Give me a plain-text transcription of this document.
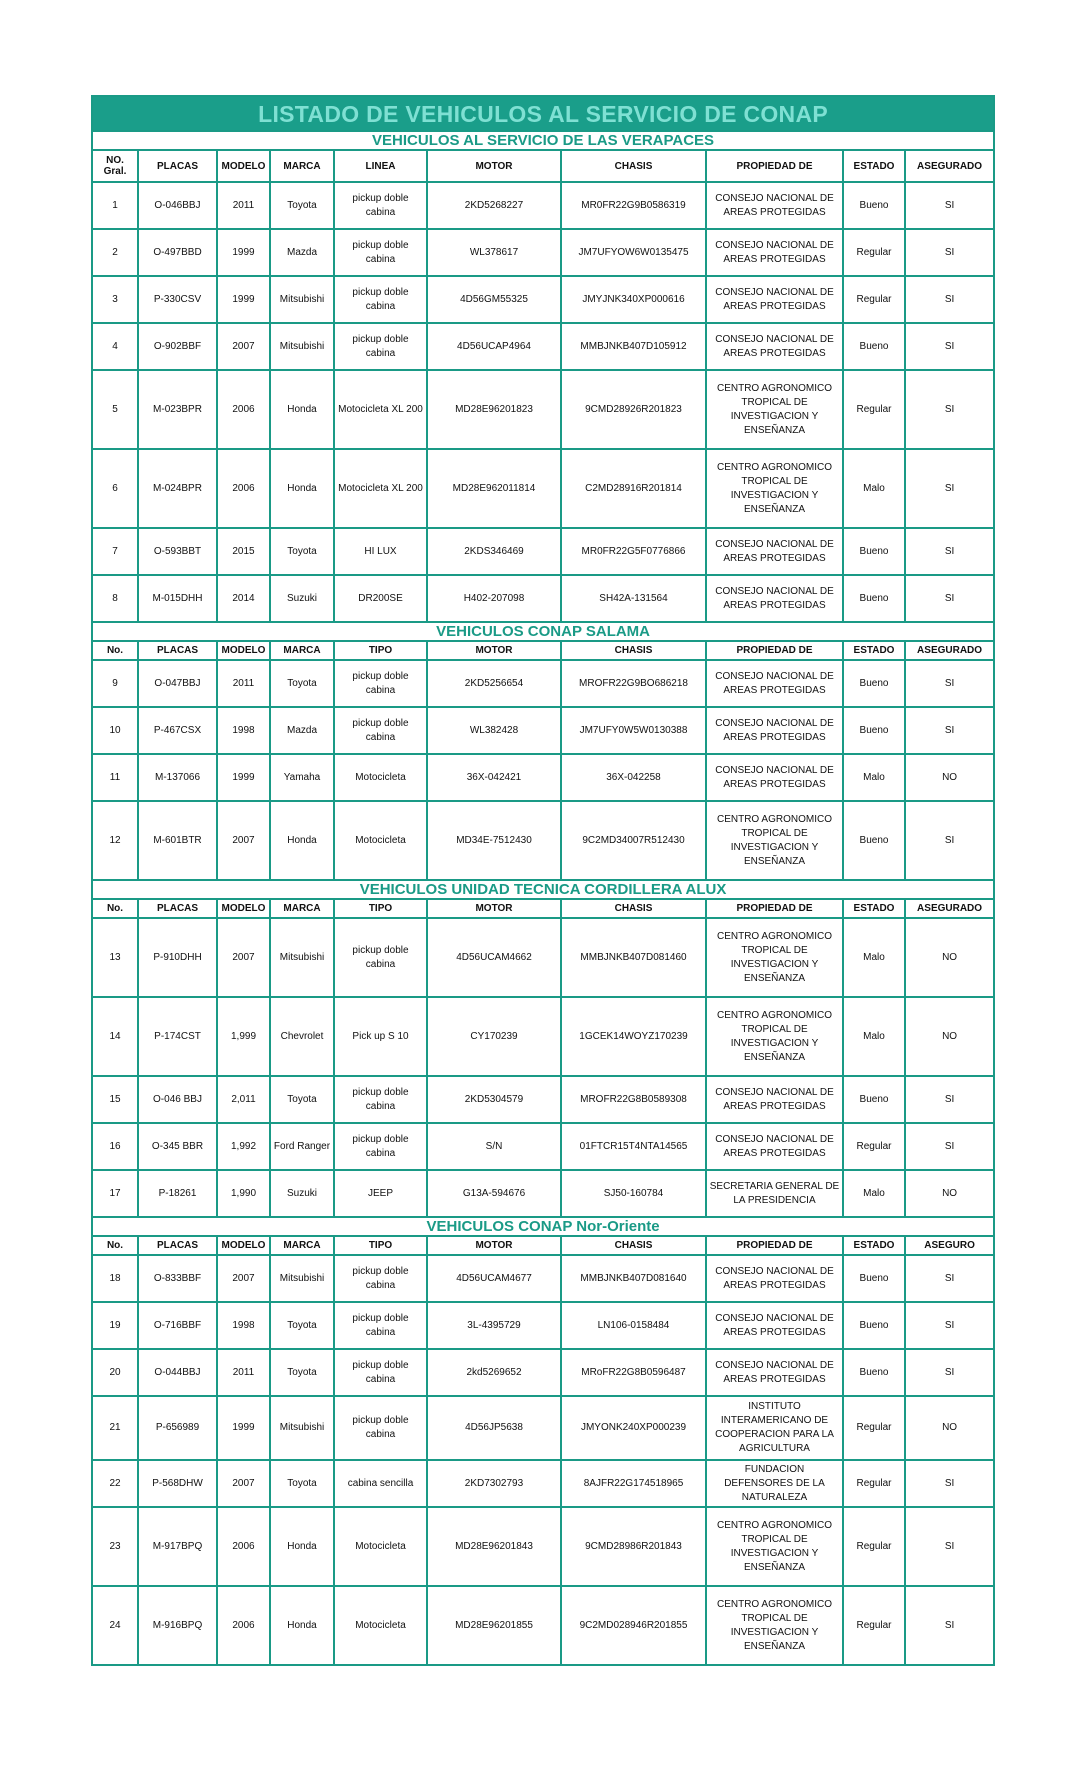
LISTADO DE VEHICULOS AL SERVICIO DE CONAP									
VEHICULOS AL SERVICIO DE LAS VERAPACES									
NO. Gral.	PLACAS	MODELO	MARCA	LINEA	MOTOR	CHASIS	PROPIEDAD DE	ESTADO	ASEGURADO
1	O-046BBJ	2011	Toyota	pickup doble cabina	2KD5268227	MR0FR22G9B0586319	CONSEJO NACIONAL DE AREAS PROTEGIDAS	Bueno	SI
2	O-497BBD	1999	Mazda	pickup doble cabina	WL378617	JM7UFYOW6W0135475	CONSEJO NACIONAL DE AREAS PROTEGIDAS	Regular	SI
3	P-330CSV	1999	Mitsubishi	pickup doble cabina	4D56GM55325	JMYJNK340XP000616	CONSEJO NACIONAL DE AREAS PROTEGIDAS	Regular	SI
4	O-902BBF	2007	Mitsubishi	pickup doble cabina	4D56UCAP4964	MMBJNKB407D105912	CONSEJO NACIONAL DE AREAS PROTEGIDAS	Bueno	SI
5	M-023BPR	2006	Honda	Motocicleta XL 200	MD28E96201823	9CMD28926R201823	CENTRO AGRONOMICO TROPICAL DE INVESTIGACION Y ENSEÑANZA	Regular	SI
6	M-024BPR	2006	Honda	Motocicleta XL 200	MD28E962011814	C2MD28916R201814	CENTRO AGRONOMICO TROPICAL DE INVESTIGACION Y ENSEÑANZA	Malo	SI
7	O-593BBT	2015	Toyota	HI LUX	2KDS346469	MR0FR22G5F0776866	CONSEJO NACIONAL DE AREAS PROTEGIDAS	Bueno	SI
8	M-015DHH	2014	Suzuki	DR200SE	H402-207098	SH42A-131564	CONSEJO NACIONAL DE AREAS PROTEGIDAS	Bueno	SI
VEHICULOS CONAP SALAMA									
No.	PLACAS	MODELO	MARCA	TIPO	MOTOR	CHASIS	PROPIEDAD DE	ESTADO	ASEGURADO
9	O-047BBJ	2011	Toyota	pickup doble cabina	2KD5256654	MROFR22G9BO686218	CONSEJO NACIONAL DE AREAS PROTEGIDAS	Bueno	SI
10	P-467CSX	1998	Mazda	pickup doble cabina	WL382428	JM7UFY0W5W0130388	CONSEJO NACIONAL DE AREAS PROTEGIDAS	Bueno	SI
11	M-137066	1999	Yamaha	Motocicleta	36X-042421	36X-042258	CONSEJO NACIONAL DE AREAS PROTEGIDAS	Malo	NO
12	M-601BTR	2007	Honda	Motocicleta	MD34E-7512430	9C2MD34007R512430	CENTRO AGRONOMICO TROPICAL DE INVESTIGACION Y ENSEÑANZA	Bueno	SI
VEHICULOS UNIDAD TECNICA CORDILLERA ALUX									
No.	PLACAS	MODELO	MARCA	TIPO	MOTOR	CHASIS	PROPIEDAD DE	ESTADO	ASEGURADO
13	P-910DHH	2007	Mitsubishi	pickup doble cabina	4D56UCAM4662	MMBJNKB407D081460	CENTRO AGRONOMICO TROPICAL DE INVESTIGACION Y ENSEÑANZA	Malo	NO
14	P-174CST	1,999	Chevrolet	Pick up S 10	CY170239	1GCEK14WOYZ170239	CENTRO AGRONOMICO TROPICAL DE INVESTIGACION Y ENSEÑANZA	Malo	NO
15	O-046 BBJ	2,011	Toyota	pickup doble cabina	2KD5304579	MROFR22G8B0589308	CONSEJO NACIONAL DE AREAS PROTEGIDAS	Bueno	SI
16	O-345 BBR	1,992	Ford Ranger	pickup doble cabina	S/N	01FTCR15T4NTA14565	CONSEJO NACIONAL DE AREAS PROTEGIDAS	Regular	SI
17	P-18261	1,990	Suzuki	JEEP	G13A-594676	SJ50-160784	SECRETARIA GENERAL DE LA PRESIDENCIA	Malo	NO
VEHICULOS CONAP Nor-Oriente									
No.	PLACAS	MODELO	MARCA	TIPO	MOTOR	CHASIS	PROPIEDAD DE	ESTADO	ASEGURO
18	O-833BBF	2007	Mitsubishi	pickup doble cabina	4D56UCAM4677	MMBJNKB407D081640	CONSEJO NACIONAL DE AREAS PROTEGIDAS	Bueno	SI
19	O-716BBF	1998	Toyota	pickup doble cabina	3L-4395729	LN106-0158484	CONSEJO NACIONAL DE AREAS PROTEGIDAS	Bueno	SI
20	O-044BBJ	2011	Toyota	pickup doble cabina	2kd5269652	MRoFR22G8B0596487	CONSEJO NACIONAL DE AREAS PROTEGIDAS	Bueno	SI
21	P-656989	1999	Mitsubishi	pickup doble cabina	4D56JP5638	JMYONK240XP000239	INSTITUTO INTERAMERICANO DE COOPERACION PARA LA AGRICULTURA	Regular	NO
22	P-568DHW	2007	Toyota	cabina sencilla	2KD7302793	8AJFR22G174518965	FUNDACION DEFENSORES DE LA NATURALEZA	Regular	SI
23	M-917BPQ	2006	Honda	Motocicleta	MD28E96201843	9CMD28986R201843	CENTRO AGRONOMICO TROPICAL DE INVESTIGACION Y ENSEÑANZA	Regular	SI
24	M-916BPQ	2006	Honda	Motocicleta	MD28E96201855	9C2MD028946R201855	CENTRO AGRONOMICO TROPICAL DE INVESTIGACION Y ENSEÑANZA	Regular	SI
